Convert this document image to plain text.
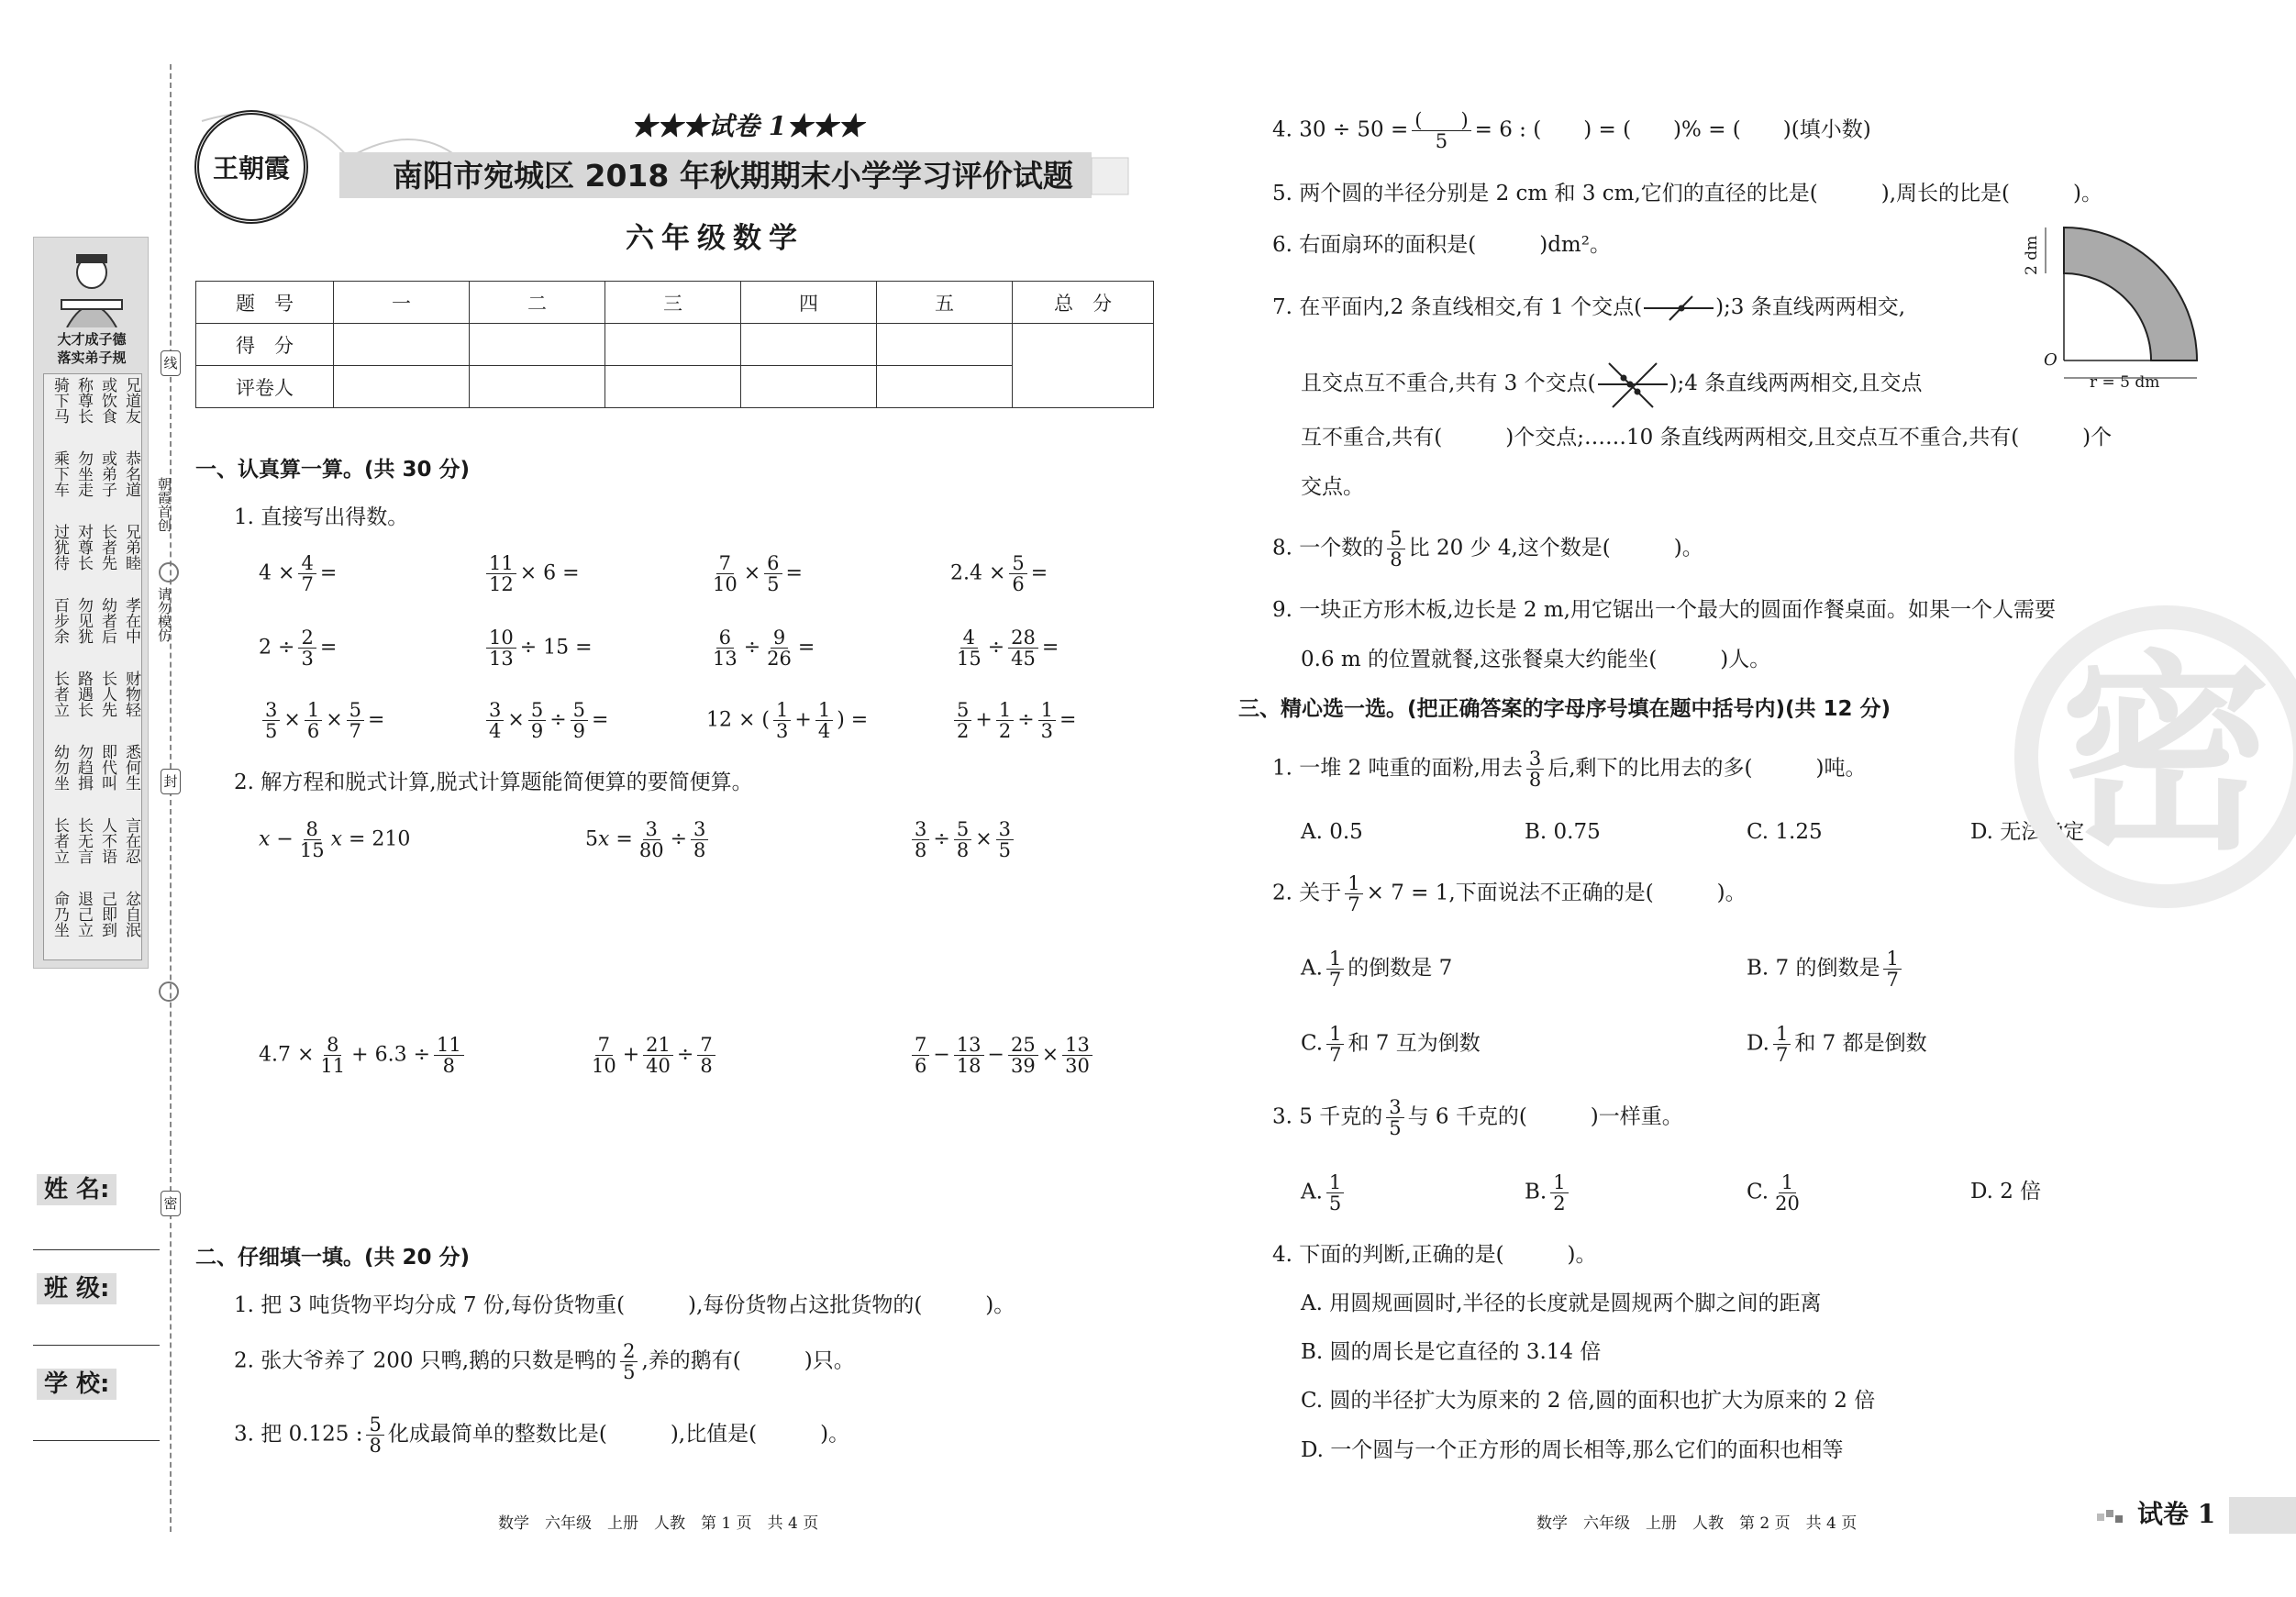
线
朝霞首创
请勿模仿
封
密
大才成子德
落实弟子规
骑下马 称尊长 或饮食 兄道友
乘下车 勿坐走 或弟子 恭名道
过犹待 对尊长 长者先 兄弟睦
百步余 勿见犹 幼者后 孝在中
长者立 路遇长 长人先 财物轻
幼勿坐 勿趋揖 即代叫 悉何生
长者立 长无言 人不语 言在忍
命乃坐 退己立 己即到 忿自泯
姓 名:
班 级:
学 校:
王朝霞
★★★试卷 1★★★
南阳市宛城区 2018 年秋期期末小学学习评价试题
六年级数学
题　号	一	二	三	四	五	总　分
得　分						
评卷人						
一、认真算一算。(共 30 分)
1. 直接写出得数。
$4 \times \frac{4}{7}$ =	$\frac{11}{12} \times 6$ =	$\frac{7}{10} \times \frac{6}{5}$ =	$2.4 \times \frac{5}{6}$ =
$2 \div \frac{2}{3}$ =	$\frac{10}{13} \div 15$ =	$\frac{6}{13} \div \frac{9}{26}$ =	$\frac{4}{15} \div \frac{28}{45}$ =
$\frac{3}{5} \times \frac{1}{6} \times \frac{5}{7}$ =	$\frac{3}{4} \times \frac{5}{9} \div \frac{5}{9}$ =	12 × ( $\frac{1}{3} + \frac{1}{4}$ ) =	$\frac{5}{2} + \frac{1}{2} \div \frac{1}{3}$ =
2. 解方程和脱式计算,脱式计算题能简便算的要简便算。
$x - \frac{8}{15}$ x = 210	$5x = \frac{3}{80} \div \frac{3}{8}$	$\frac{3}{8} \div \frac{5}{8} \times \frac{3}{5}$
$4.7 \times \frac{8}{11} + 6.3 \div \frac{11}{8}$	$\frac{7}{10} + \frac{21}{40} \div \frac{7}{8}$	$\frac{7}{6} - \frac{13}{18} - \frac{25}{39} \times \frac{13}{30}$
二、仔细填一填。(共 20 分)
1. 把 3 吨货物平均分成 7 份,每份货物重(　　　),每份货物占这批货物的(　　　)。
2. 张大爷养了 200 只鸭,鹅的只数是鸭的 $\frac{2}{5}$ ,养的鹅有(　　　)只。
3. 把 0.125 : $\frac{5}{8}$ 化成最简单的整数比是(　　　),比值是(　　　)。
数学　六年级　上册　人教　第 1 页　共 4 页
4. 30 ÷ 50 = (　　)
5 = 6 : (　　) = (　　)% = (　　)(填小数)
5. 两个圆的半径分别是 2 cm 和 3 cm,它们的直径的比是(　　　),周长的比是(　　　)。
6. 右面扇环的面积是(　　　)dm²。
7. 在平面内,2 条直线相交,有 1 个交点(	);3 条直线两两相交,
且交点互不重合,共有 3 个交点(	);4 条直线两两相交,且交点
互不重合,共有(　　　)个交点;……10 条直线两两相交,且交点互不重合,共有(　　　)个
交点。
2 dm
O
r = 5 dm
8. 一个数的 $\frac{5}{8}$ 比 20 少 4,这个数是(　　　)。
9. 一块正方形木板,边长是 2 m,用它锯出一个最大的圆面作餐桌面。如果一个人需要
0.6 m 的位置就餐,这张餐桌大约能坐(　　　)人。
三、精心选一选。(把正确答案的字母序号填在题中括号内)(共 12 分)
1. 一堆 2 吨重的面粉,用去 $\frac{3}{8}$ 后,剩下的比用去的多(　　　)吨。
A. 0.5	B. 0.75	C. 1.25	D. 无法确定
2. 关于 $\frac{1}{7} \times 7 = 1$,下面说法不正确的是(　　　)。
A. $\frac{1}{7}$ 的倒数是 7	B. 7 的倒数是 $\frac{1}{7}$
C. $\frac{1}{7}$ 和 7 互为倒数	D. $\frac{1}{7}$ 和 7 都是倒数
3. 5 千克的 $\frac{3}{5}$ 与 6 千克的(　　　)一样重。
A. $\frac{1}{5}$	B. $\frac{1}{2}$	C. $\frac{1}{20}$	D. 2 倍
4. 下面的判断,正确的是(　　　)。
A. 用圆规画圆时,半径的长度就是圆规两个脚之间的距离
B. 圆的周长是它直径的 3.14 倍
C. 圆的半径扩大为原来的 2 倍,圆的面积也扩大为原来的 2 倍
D. 一个圆与一个正方形的周长相等,那么它们的面积也相等
密
数学　六年级　上册　人教　第 2 页　共 4 页	试卷 1
